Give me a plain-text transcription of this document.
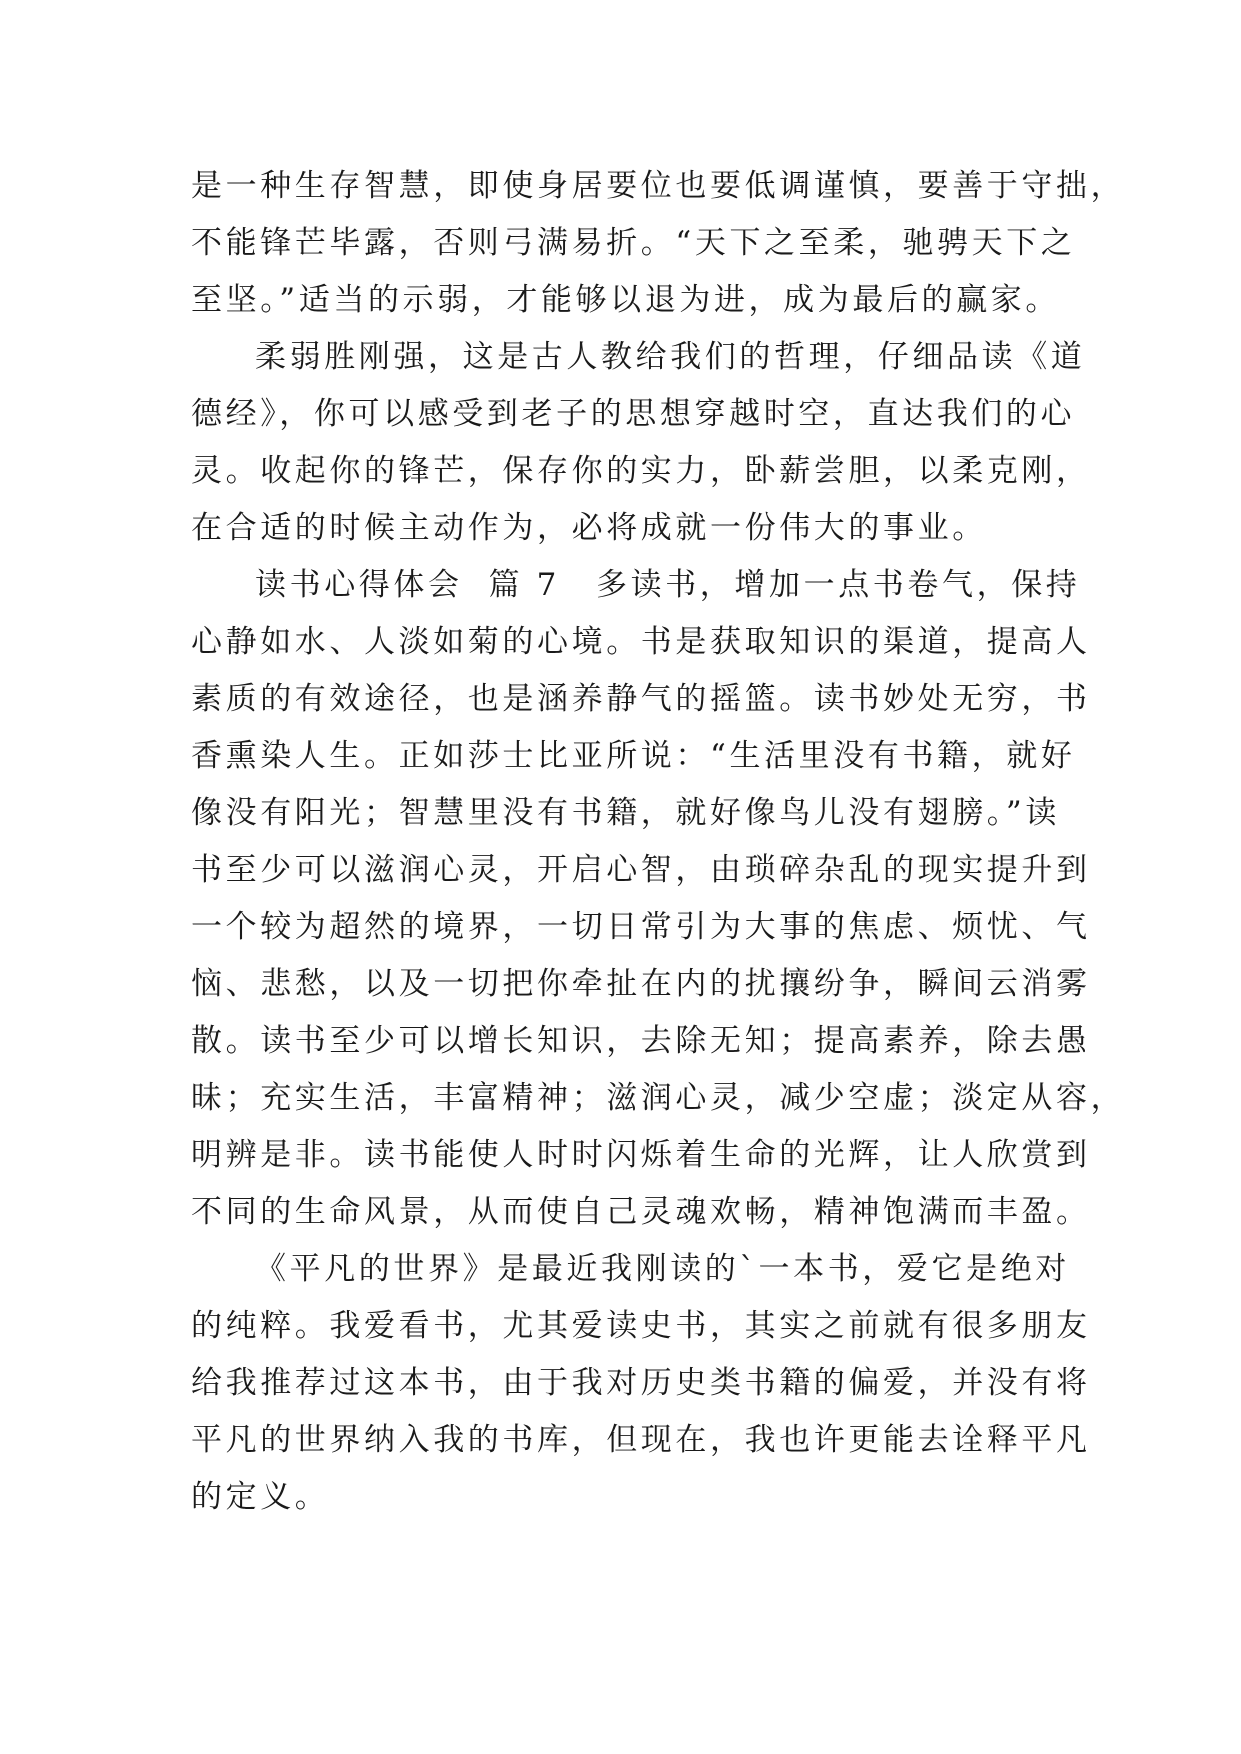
是一种生存智慧，即使身居要位也要低调谨慎，要善于守拙，
不能锋芒毕露，否则弓满易折。“天下之至柔，驰骋天下之
至坚。”适当的示弱，才能够以退为进，成为最后的赢家。
柔弱胜刚强，这是古人教给我们的哲理，仔细品读《道
德经》，你可以感受到老子的思想穿越时空，直达我们的心
灵。收起你的锋芒，保存你的实力，卧薪尝胆，以柔克刚，
在合适的时候主动作为，必将成就一份伟大的事业。
读书心得体会 篇 7 多读书，增加一点书卷气，保持
心静如水、人淡如菊的心境。书是获取知识的渠道，提高人
素质的有效途径，也是涵养静气的摇篮。读书妙处无穷，书
香熏染人生。正如莎士比亚所说：“生活里没有书籍，就好
像没有阳光；智慧里没有书籍，就好像鸟儿没有翅膀。”读
书至少可以滋润心灵，开启心智，由琐碎杂乱的现实提升到
一个较为超然的境界，一切日常引为大事的焦虑、烦忧、气
恼、悲愁，以及一切把你牵扯在内的扰攘纷争，瞬间云消雾
散。读书至少可以增长知识，去除无知；提高素养，除去愚
昧；充实生活，丰富精神；滋润心灵，减少空虚；淡定从容，
明辨是非。读书能使人时时闪烁着生命的光辉，让人欣赏到
不同的生命风景，从而使自己灵魂欢畅，精神饱满而丰盈。
《平凡的世界》是最近我刚读的`一本书，爱它是绝对
的纯粹。我爱看书，尤其爱读史书，其实之前就有很多朋友
给我推荐过这本书，由于我对历史类书籍的偏爱，并没有将
平凡的世界纳入我的书库，但现在，我也许更能去诠释平凡
的定义。
